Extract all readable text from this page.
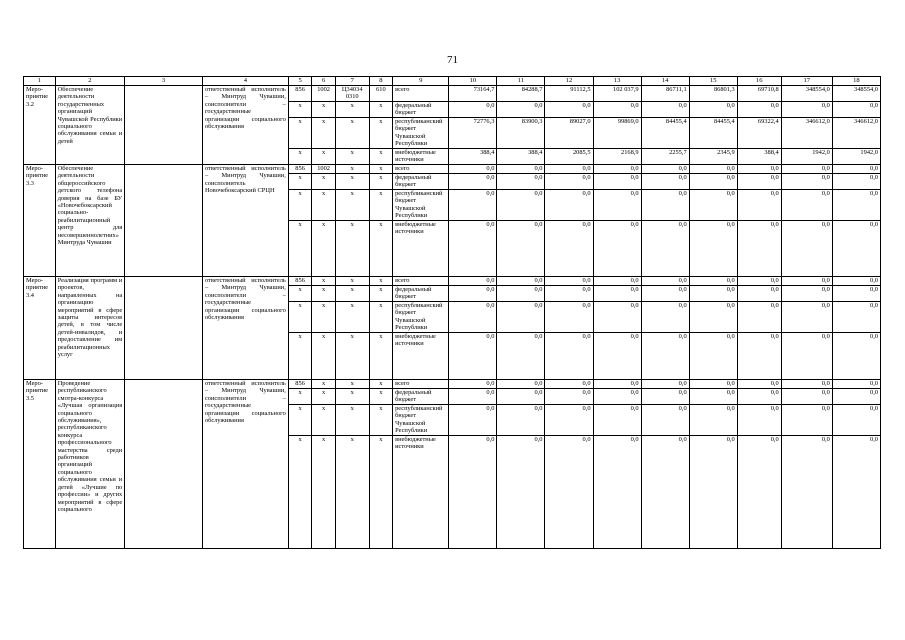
71
1	2	3	4	5	6	7	8	9	10	11	12	13	14	15	16	17	18
Меро-приятие 3.2	Обеспечение деятельности государственных организаций Чувашской Республики социального обслуживания семьи и детей		ответственный исполнитель – Минтруд Чувашии, соисполнители – государственные организации социального обслуживания	856	1002	Ц34034 0310	610	всего	73164,7	84288,7	91112,5	102 037,9	86711,1	86801,3	69710,8	348554,0	348554,0
				x	x	x	x	федеральный бюджет	0,0	0,0	0,0	0,0	0,0	0,0	0,0	0,0	0,0
				x	x	x	x	республиканский бюджет Чувашской Республики	72776,3	83900,3	89027,0	99869,0	84455,4	84455,4	69322,4	346612,0	346612,0
				x	x	x	x	внебюджетные источники	388,4	388,4	2085,5	2168,9	2255,7	2345,9	388,4	1942,0	1942,0
Меро-приятие 3.3	Обеспечение деятельности общероссийского детского телефона доверия на базе БУ «Новочебоксарский социально-реабилитационный центр для несовершеннолетних» Минтруда Чувашии		ответственный исполнитель – Минтруд Чувашии, соисполнитель Новочебоксарский СРЦН	856	1002	x	x	всего	0,0	0,0	0,0	0,0	0,0	0,0	0,0	0,0	0,0
				x	x	x	x	федеральный бюджет	0,0	0,0	0,0	0,0	0,0	0,0	0,0	0,0	0,0
				x	x	x	x	республиканский бюджет Чувашской Республики	0,0	0,0	0,0	0,0	0,0	0,0	0,0	0,0	0,0
				x	x	x	x	внебюджетные источники	0,0	0,0	0,0	0,0	0,0	0,0	0,0	0,0	0,0
Меро-приятие 3.4	Реализация программ и проектов, направленных на организацию мероприятий в сфере защиты интересов детей, в том числе детей-инвалидов, и предоставление им реабилитационных услуг		ответственный исполнитель – Минтруд Чувашии, соисполнители – государственные организации социального обслуживания	856	x	x	x	всего	0,0	0,0	0,0	0,0	0,0	0,0	0,0	0,0	0,0
				x	x	x	x	федеральный бюджет	0,0	0,0	0,0	0,0	0,0	0,0	0,0	0,0	0,0
				x	x	x	x	республиканский бюджет Чувашской Республики	0,0	0,0	0,0	0,0	0,0	0,0	0,0	0,0	0,0
				x	x	x	x	внебюджетные источники	0,0	0,0	0,0	0,0	0,0	0,0	0,0	0,0	0,0
Меро-приятие 3.5	Проведение республиканского смотра-конкурса «Лучшая организация социального обслуживания», республиканского конкурса профессионального мастерства среди работников организаций социального обслуживания семьи и детей «Лучшие по профессии» и других мероприятий в сфере социального		ответственный исполнитель – Минтруд Чувашии, соисполнители – государственные организации социального обслуживания	856	x	x	x	всего	0,0	0,0	0,0	0,0	0,0	0,0	0,0	0,0	0,0
				x	x	x	x	федеральный бюджет	0,0	0,0	0,0	0,0	0,0	0,0	0,0	0,0	0,0
				x	x	x	x	республиканский бюджет Чувашской Республики	0,0	0,0	0,0	0,0	0,0	0,0	0,0	0,0	0,0
				x	x	x	x	внебюджетные источники	0,0	0,0	0,0	0,0	0,0	0,0	0,0	0,0	0,0
